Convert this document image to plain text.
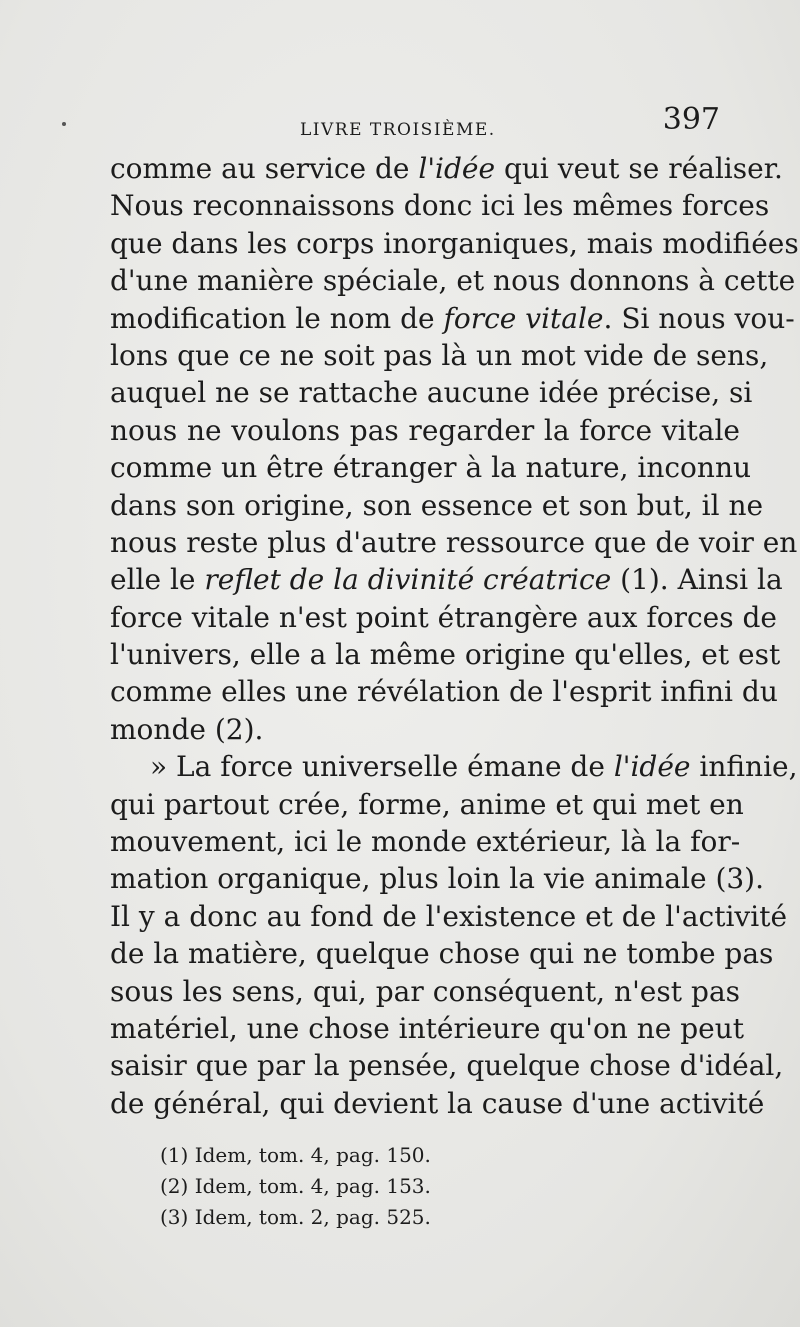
LIVRE TROISIÈME.	397
comme au service de l'idée qui veut se réaliser.
Nous reconnaissons donc ici les mêmes forces
que dans les corps inorganiques, mais modifiées
d'une manière spéciale, et nous donnons à cette
modification le nom de force vitale. Si nous vou-
lons que ce ne soit pas là un mot vide de sens,
auquel ne se rattache aucune idée précise, si
nous ne voulons pas regarder la force vitale
comme un être étranger à la nature, inconnu
dans son origine, son essence et son but, il ne
nous reste plus d'autre ressource que de voir en
elle le reflet de la divinité créatrice (1). Ainsi la
force vitale n'est point étrangère aux forces de
l'univers, elle a la même origine qu'elles, et est
comme elles une révélation de l'esprit infini du
monde (2).
» La force universelle émane de l'idée infinie,
qui partout crée, forme, anime et qui met en
mouvement, ici le monde extérieur, là la for-
mation organique, plus loin la vie animale (3).
Il y a donc au fond de l'existence et de l'activité
de la matière, quelque chose qui ne tombe pas
sous les sens, qui, par conséquent, n'est pas
matériel, une chose intérieure qu'on ne peut
saisir que par la pensée, quelque chose d'idéal,
de général, qui devient la cause d'une activité
(1) Idem, tom. 4, pag. 150.
(2) Idem, tom. 4, pag. 153.
(3) Idem, tom. 2, pag. 525.
